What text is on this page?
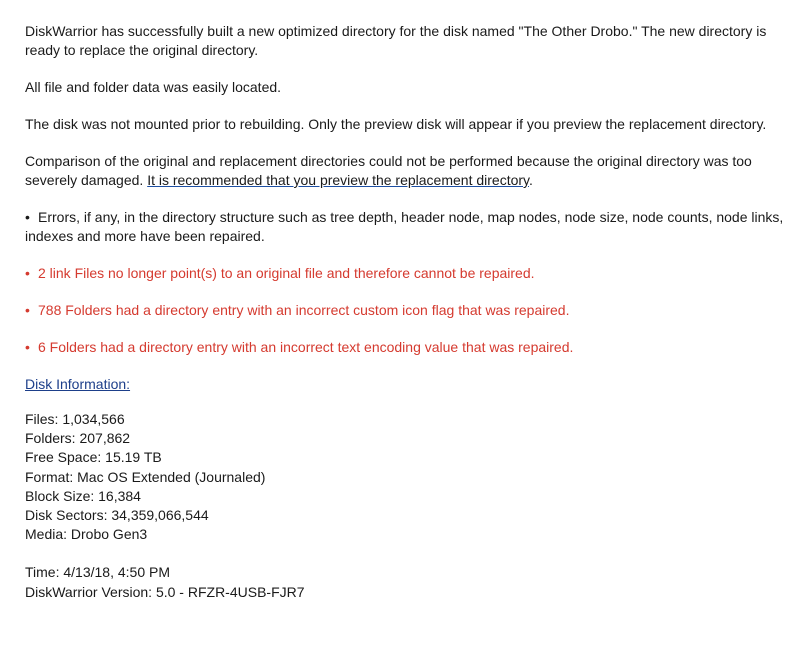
DiskWarrior has successfully built a new optimized directory for the disk named "The Other Drobo." The new directory is ready to replace the original directory.

All file and folder data was easily located.

The disk was not mounted prior to rebuilding. Only the preview disk will appear if you preview the replacement directory.

Comparison of the original and replacement directories could not be performed because the original directory was too severely damaged. It is recommended that you preview the replacement directory.

• Errors, if any, in the directory structure such as tree depth, header node, map nodes, node size, node counts, node links, indexes and more have been repaired.

• 2 link Files no longer point(s) to an original file and therefore cannot be repaired.

• 788 Folders had a directory entry with an incorrect custom icon flag that was repaired.

• 6 Folders had a directory entry with an incorrect text encoding value that was repaired.

Disk Information:

Files: 1,034,566

Folders: 207,862

Free Space: 15.19 TB

Format: Mac OS Extended (Journaled)

Block Size: 16,384

Disk Sectors: 34,359,066,544

Media: Drobo Gen3

Time: 4/13/18, 4:50 PM

DiskWarrior Version: 5.0 - RFZR-4USB-FJR7
